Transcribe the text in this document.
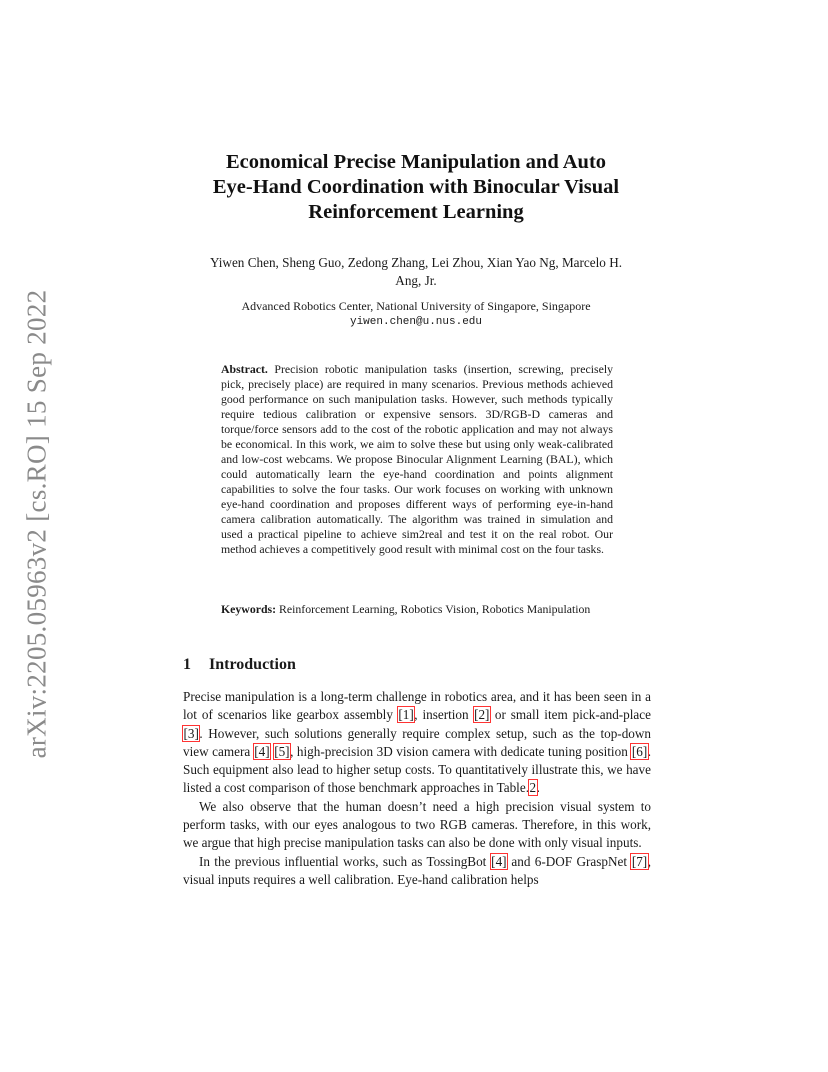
arXiv:2205.05963v2 [cs.RO] 15 Sep 2022
Economical Precise Manipulation and Auto
Eye-Hand Coordination with Binocular Visual
Reinforcement Learning
Yiwen Chen, Sheng Guo, Zedong Zhang, Lei Zhou, Xian Yao Ng, Marcelo H.
Ang, Jr.
Advanced Robotics Center, National University of Singapore, Singapore
yiwen.chen@u.nus.edu
Abstract. Precision robotic manipulation tasks (insertion, screwing, precisely pick, precisely place) are required in many scenarios. Previous methods achieved good performance on such manipulation tasks. However, such methods typically require tedious calibration or expensive sensors. 3D/RGB-D cameras and torque/force sensors add to the cost of the robotic application and may not always be economical. In this work, we aim to solve these but using only weak-calibrated and low-cost webcams. We propose Binocular Alignment Learning (BAL), which could automatically learn the eye-hand coordination and points alignment capabilities to solve the four tasks. Our work focuses on working with unknown eye-hand coordination and proposes different ways of performing eye-in-hand camera calibration automatically. The algorithm was trained in simulation and used a practical pipeline to achieve sim2real and test it on the real robot. Our method achieves a competitively good result with minimal cost on the four tasks.
Keywords: Reinforcement Learning, Robotics Vision, Robotics Manipulation
1 Introduction

Precise manipulation is a long-term challenge in robotics area, and it has been seen in a lot of scenarios like gearbox assembly [1], insertion [2] or small item pick-and-place [3]. However, such solutions generally require complex setup, such as the top-down view camera [4] [5], high-precision 3D vision camera with dedicate tuning position [6]. Such equipment also lead to higher setup costs. To quantitatively illustrate this, we have listed a cost comparison of those benchmark approaches in Table.2.

We also observe that the human doesn’t need a high precision visual system to perform tasks, with our eyes analogous to two RGB cameras. Therefore, in this work, we argue that high precise manipulation tasks can also be done with only visual inputs.

In the previous influential works, such as TossingBot [4] and 6-DOF GraspNet [7], visual inputs requires a well calibration. Eye-hand calibration helps
